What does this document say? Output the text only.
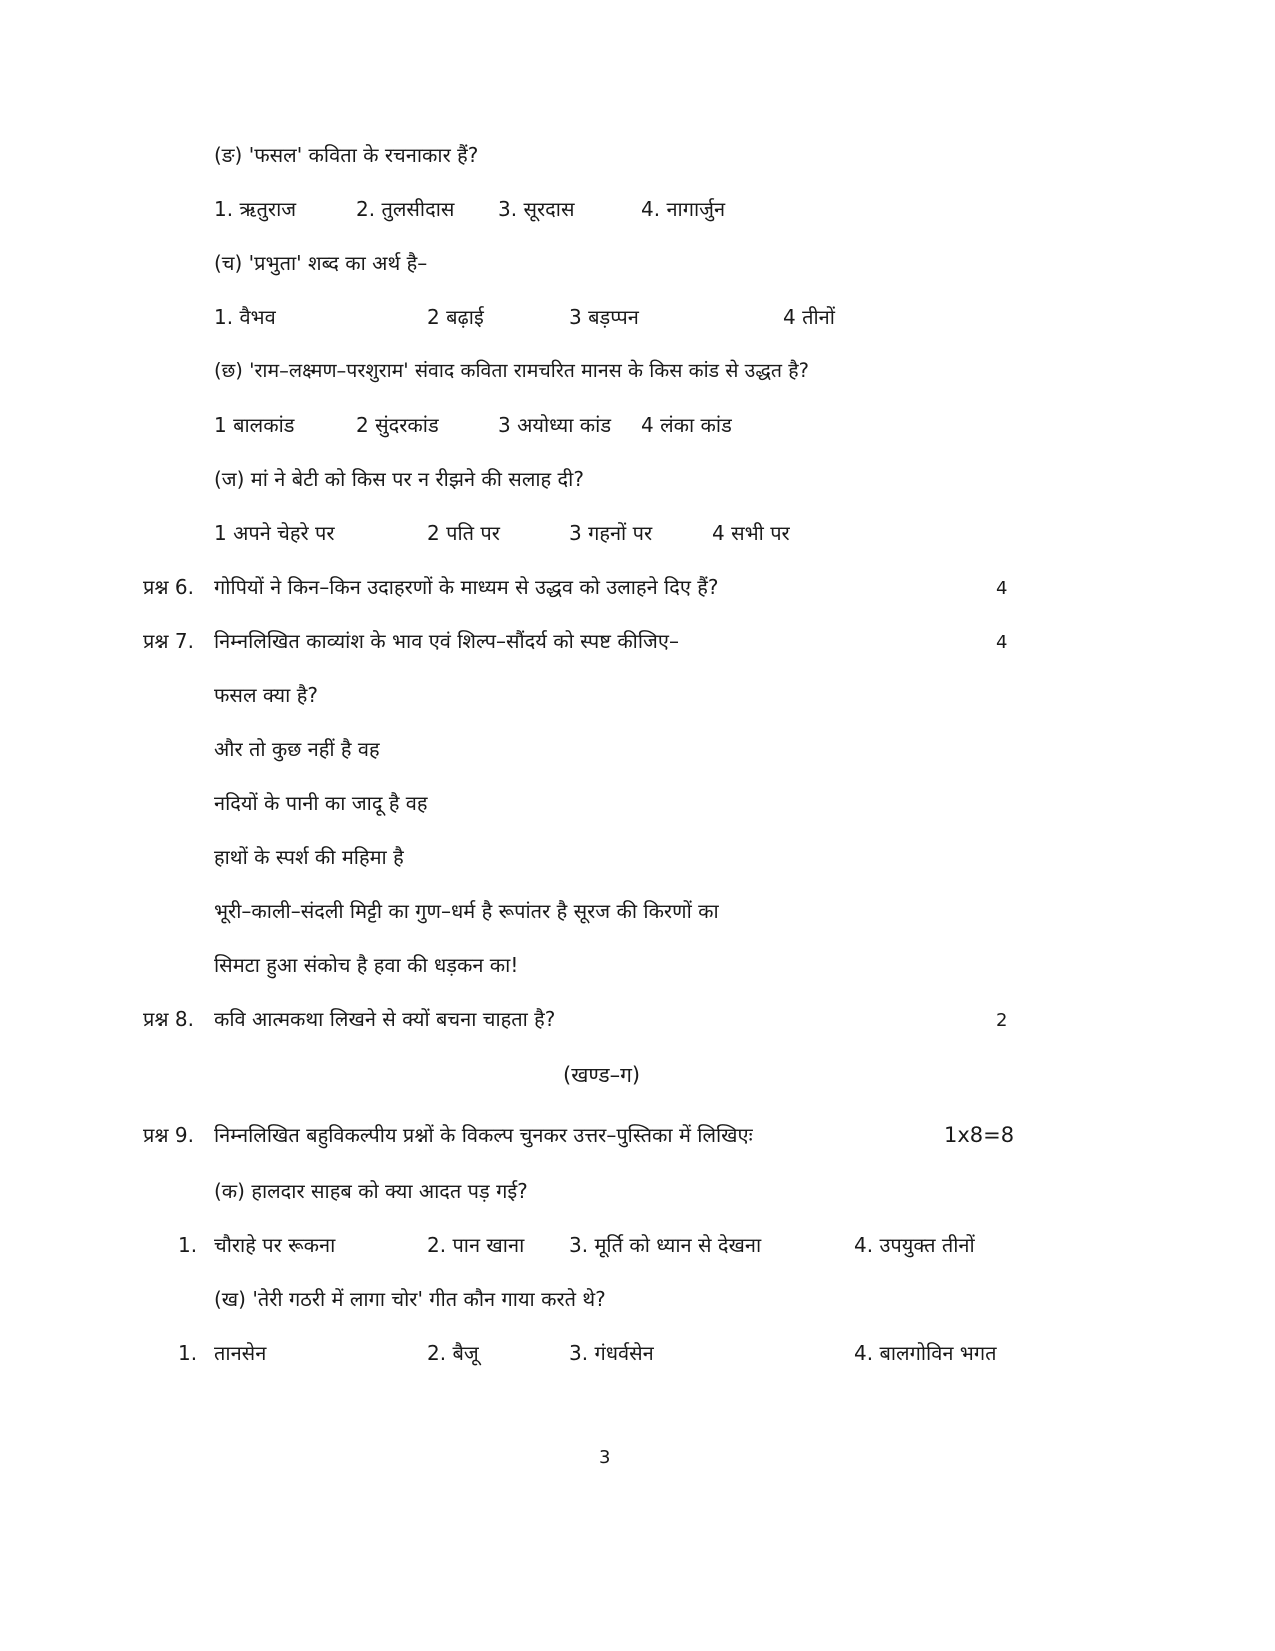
(ङ) 'फसल' कविता के रचनाकार हैं?
1. ऋतुराज	2. तुलसीदास 3. सूरदास	4. नागार्जुन
(च) 'प्रभुता' शब्द का अर्थ है–
1. वैभव	2 बढ़ाई	3 बड़प्पन	4 तीनों
(छ) 'राम–लक्ष्मण–परशुराम' संवाद कविता रामचरित मानस के किस कांड से उद्धत है?
1 बालकांड	2 सुंदरकांड	3 अयोध्या कांड 4 लंका कांड
(ज) मां ने बेटी को किस पर न रीझने की सलाह दी?
1 अपने चेहरे पर	2 पति पर	3 गहनों पर	4 सभी पर
प्रश्न 6. गोपियों ने किन–किन उदाहरणों के माध्यम से उद्धव को उलाहने दिए हैं?	4
प्रश्न 7. निम्नलिखित काव्यांश के भाव एवं शिल्प–सौंदर्य को स्पष्ट कीजिए–	4
फसल क्या है?
और तो कुछ नहीं है वह
नदियों के पानी का जादू है वह
हाथों के स्पर्श की महिमा है
भूरी–काली–संदली मिट्टी का गुण–धर्म है रूपांतर है सूरज की किरणों का
सिमटा हुआ संकोच है हवा की धड़कन का!
प्रश्न 8. कवि आत्मकथा लिखने से क्यों बचना चाहता है?	2
(खण्ड–ग)
प्रश्न 9. निम्नलिखित बहुविकल्पीय प्रश्नों के विकल्प चुनकर उत्तर–पुस्तिका में लिखिएः	1x8=8
(क) हालदार साहब को क्या आदत पड़ गई?
1. चौराहे पर रूकना	2. पान खाना 3. मूर्ति को ध्यान से देखना	4. उपयुक्त तीनों
(ख) 'तेरी गठरी में लागा चोर' गीत कौन गाया करते थे?
1. तानसेन	2. बैजू	3. गंधर्वसेन	4. बालगोविन भगत
3
